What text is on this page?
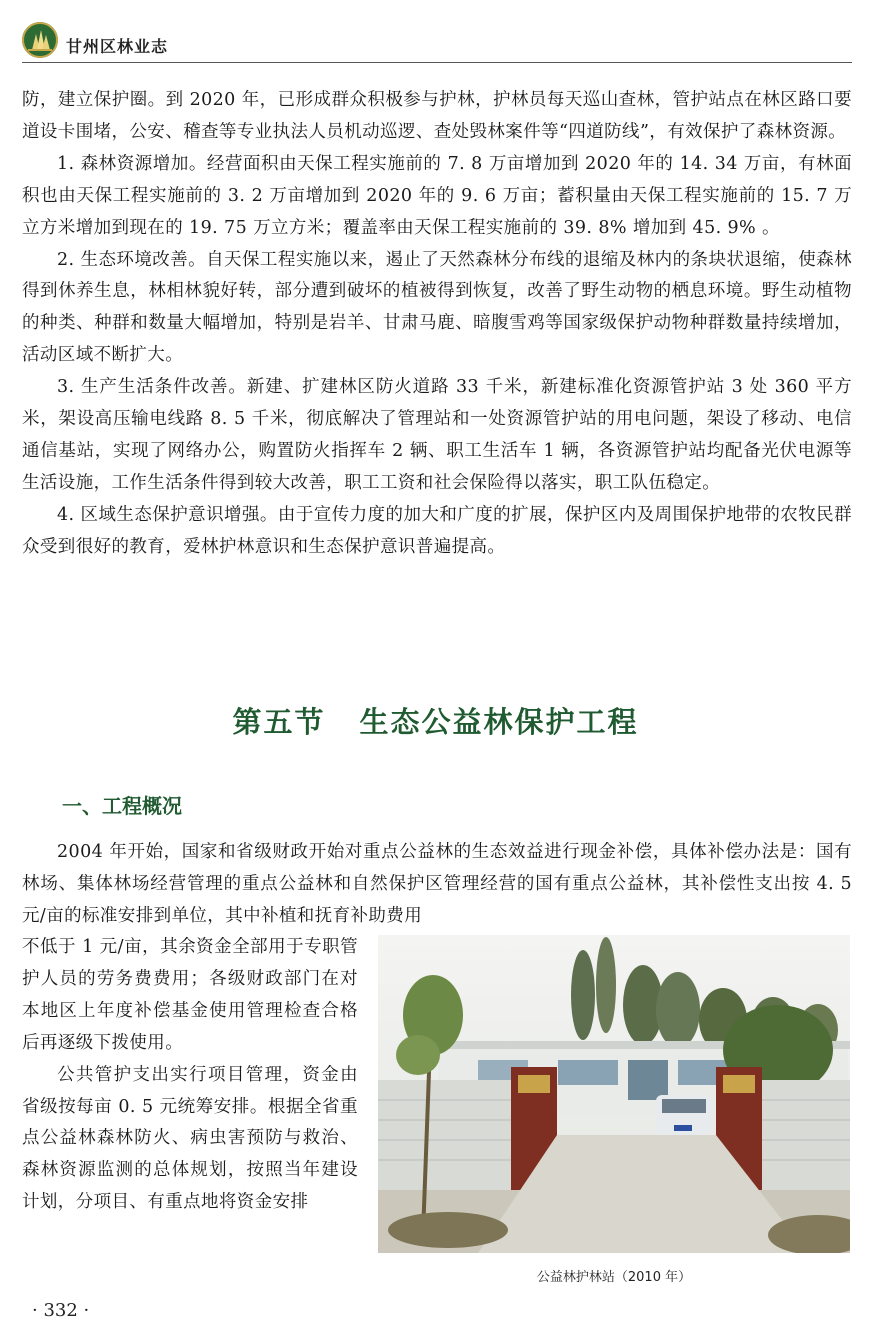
甘州区林业志

防，建立保护圈。到 2020 年，已形成群众积极参与护林，护林员每天巡山查林，管护站点在林区路口要道设卡围堵，公安、稽查等专业执法人员机动巡逻、查处毁林案件等“四道防线”，有效保护了森林资源。

1. 森林资源增加。经营面积由天保工程实施前的 7. 8 万亩增加到 2020 年的 14. 34 万亩，有林面积也由天保工程实施前的 3. 2 万亩增加到 2020 年的 9. 6 万亩；蓄积量由天保工程实施前的 15. 7 万立方米增加到现在的 19. 75 万立方米；覆盖率由天保工程实施前的 39. 8% 增加到 45. 9% 。

2. 生态环境改善。自天保工程实施以来，遏止了天然森林分布线的退缩及林内的条块状退缩，使森林得到休养生息，林相林貌好转，部分遭到破坏的植被得到恢复，改善了野生动物的栖息环境。野生动植物的种类、种群和数量大幅增加，特别是岩羊、甘肃马鹿、暗腹雪鸡等国家级保护动物种群数量持续增加，活动区域不断扩大。

3. 生产生活条件改善。新建、扩建林区防火道路 33 千米，新建标准化资源管护站 3 处 360 平方米，架设高压输电线路 8. 5 千米，彻底解决了管理站和一处资源管护站的用电问题，架设了移动、电信通信基站，实现了网络办公，购置防火指挥车 2 辆、职工生活车 1 辆，各资源管护站均配备光伏电源等生活设施，工作生活条件得到较大改善，职工工资和社会保险得以落实，职工队伍稳定。

4. 区域生态保护意识增强。由于宣传力度的加大和广度的扩展，保护区内及周围保护地带的农牧民群众受到很好的教育，爱林护林意识和生态保护意识普遍提高。

第五节 生态公益林保护工程
一、工程概况

2004 年开始，国家和省级财政开始对重点公益林的生态效益进行现金补偿，具体补偿办法是：国有林场、集体林场经营管理的重点公益林和自然保护区管理经营的国有重点公益林，其补偿性支出按 4. 5 元/亩的标准安排到单位，其中补植和抚育补助费用

不低于 1 元/亩，其余资金全部用于专职管护人员的劳务费费用；各级财政部门在对本地区上年度补偿基金使用管理检查合格后再逐级下拨使用。

公共管护支出实行项目管理，资金由省级按每亩 0. 5 元统筹安排。根据全省重点公益林森林防火、病虫害预防与救治、森林资源监测的总体规划，按照当年建设计划，分项目、有重点地将资金安排

公益林护林站（2010 年）
· 332 ·
